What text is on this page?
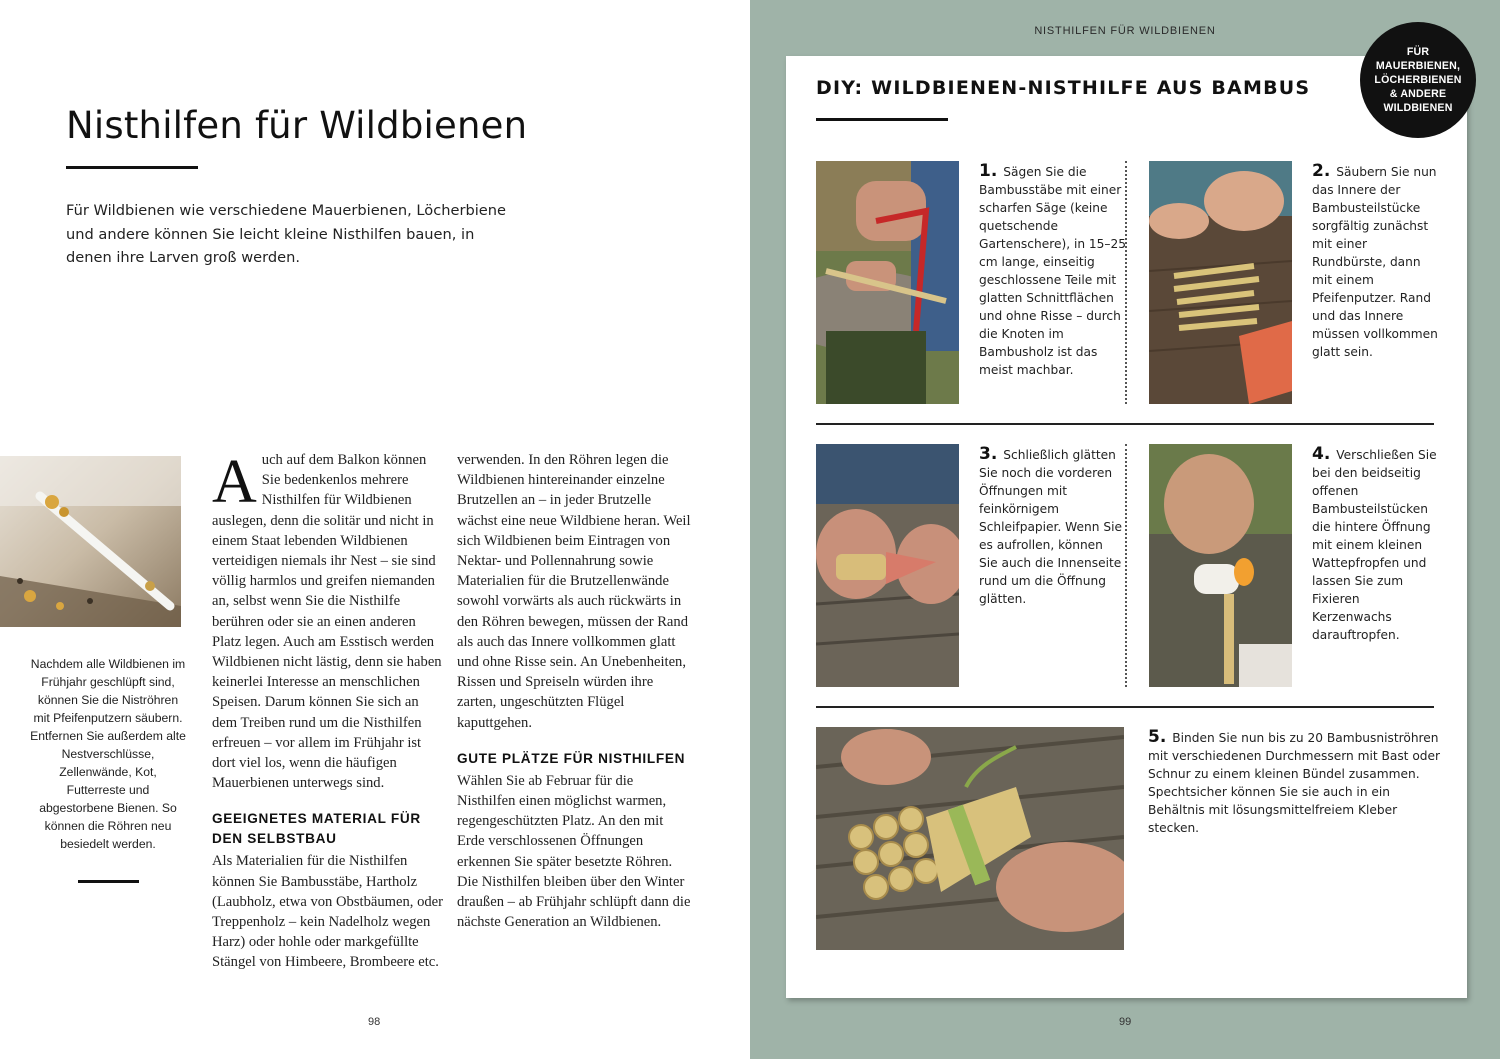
Nisthilfen für Wildbienen

Für Wildbienen wie verschiedene Mauerbienen, Löcherbiene und andere können Sie leicht kleine Nisthilfen bauen, in denen ihre Larven groß werden.

Nachdem alle Wildbienen im Frühjahr geschlüpft sind, können Sie die Niströhren mit Pfeifenputzern säubern. Entfernen Sie außerdem alte Nestverschlüsse, Zellenwände, Kot, Futterreste und abgestorbene Bienen. So können die Röhren neu besiedelt werden.

A uch auf dem Balkon können Sie bedenkenlos mehrere Nisthilfen für Wildbienen auslegen, denn die solitär und nicht in einem Staat lebenden Wildbienen verteidigen niemals ihr Nest – sie sind völlig harmlos und greifen niemanden an, selbst wenn Sie die Nisthilfe berühren oder sie an einen anderen Platz legen. Auch am Esstisch werden Wildbienen nicht lästig, denn sie haben keinerlei Interesse an menschlichen Speisen. Darum können Sie sich an dem Treiben rund um die Nisthilfen erfreuen – vor allem im Frühjahr ist dort viel los, wenn die häufigen Mauerbienen unterwegs sind.

GEEIGNETES MATERIAL FÜR DEN SELBSTBAU

Als Materialien für die Nisthilfen können Sie Bambusstäbe, Hartholz (Laubholz, etwa von Obstbäumen, oder Treppenholz – kein Nadelholz wegen Harz) oder hohle oder markgefüllte Stängel von Himbeere, Brombeere etc.

98
NISTHILFEN FÜR WILDBIENEN
DIY: WILDBIENEN-NISTHILFE AUS BAMBUS
FÜR MAUERBIENEN, LÖCHERBIENEN & ANDERE WILDBIENEN
1. Sägen Sie die Bambusstäbe mit einer scharfen Säge (keine quetschende Gartenschere), in 15–25 cm lange, einseitig geschlossene Teile mit glatten Schnittflächen und ohne Risse – durch die Knoten im Bambusholz ist das meist machbar.
2. Säubern Sie nun das Innere der Bambusteilstücke sorgfältig zunächst mit einer Rundbürste, dann mit einem Pfeifenputzer. Rand und das Innere müssen vollkommen glatt sein.
3. Schließlich glätten Sie noch die vorderen Öffnungen mit feinkörnigem Schleifpapier. Wenn Sie es aufrollen, können Sie auch die Innenseite rund um die Öffnung glätten.
4. Verschließen Sie bei den beidseitig offenen Bambusteilstücken die hintere Öffnung mit einem kleinen Wattepfropfen und lassen Sie zum Fixieren Kerzenwachs darauftropfen.
5. Binden Sie nun bis zu 20 Bambusniströhren mit verschiedenen Durchmessern mit Bast oder Schnur zu einem kleinen Bündel zusammen. Spechtsicher können Sie sie auch in ein Behältnis mit lösungsmittelfreiem Kleber stecken.
99

verwenden. In den Röhren legen die Wildbienen hintereinander einzelne Brutzellen an – in jeder Brutzelle wächst eine neue Wildbiene heran. Weil sich Wildbienen beim Eintragen von Nektar- und Pollennahrung sowie Materialien für die Brutzellenwände sowohl vorwärts als auch rückwärts in den Röhren bewegen, müssen der Rand als auch das Innere vollkommen glatt und ohne Risse sein. An Unebenheiten, Rissen und Spreiseln würden ihre zarten, ungeschützten Flügel kaputtgehen.

GUTE PLÄTZE FÜR NISTHILFEN

Wählen Sie ab Februar für die Nisthilfen einen möglichst warmen, regengeschützten Platz. An den mit Erde verschlossenen Öffnungen erkennen Sie später besetzte Röhren. Die Nisthilfen bleiben über den Winter draußen – ab Frühjahr schlüpft dann die nächste Generation an Wildbienen.
